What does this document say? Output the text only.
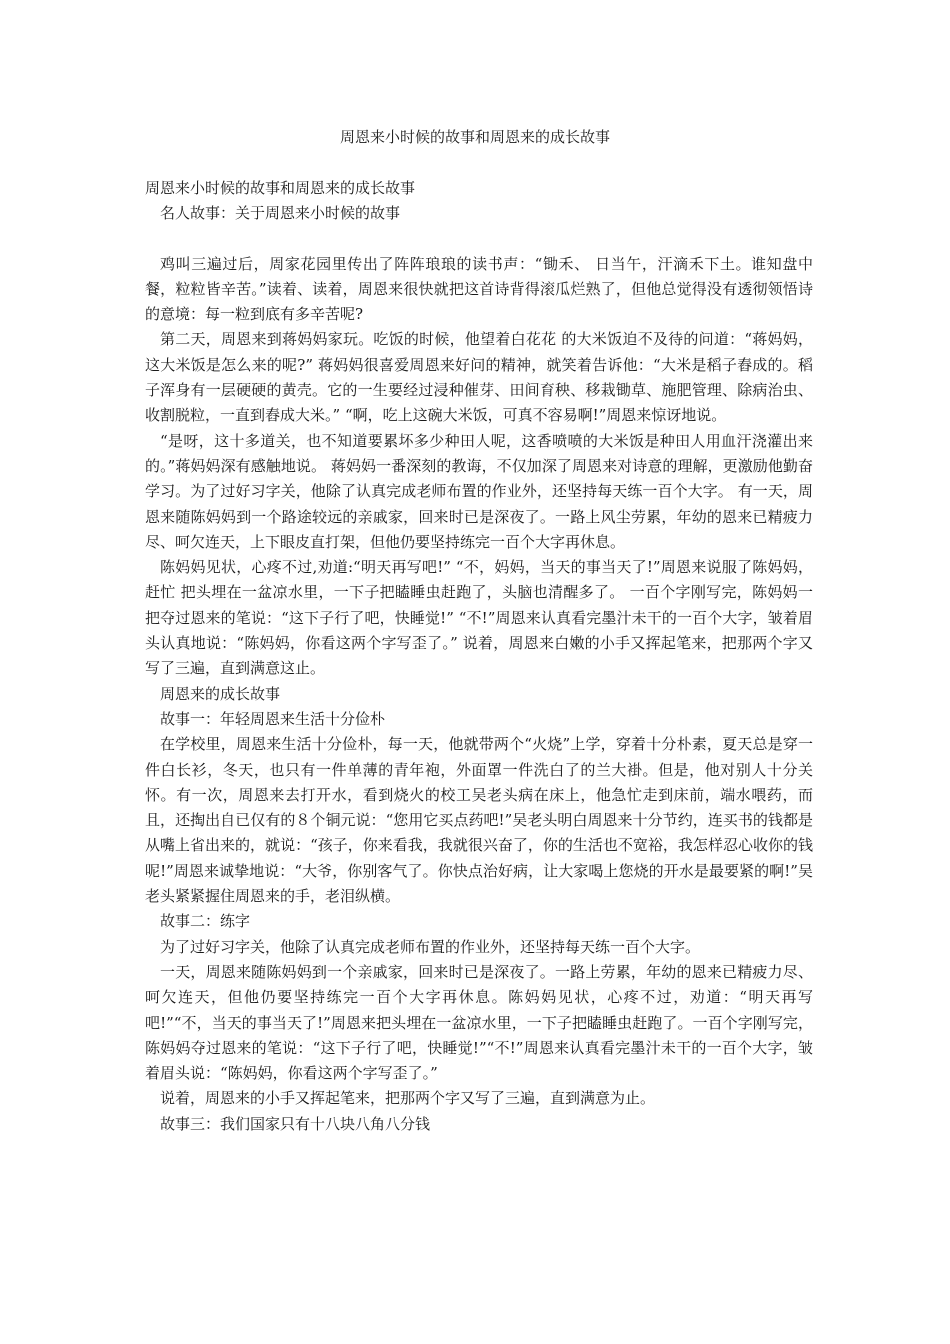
周恩来小时候的故事和周恩来的成长故事

周恩来小时候的故事和周恩来的成长故事

名人故事：关于周恩来小时候的故事

鸡叫三遍过后，周家花园里传出了阵阵琅琅的读书声：“锄禾、 日当午，汗滴禾下土。谁知盘中餐，粒粒皆辛苦。”读着、读着，周恩来很快就把这首诗背得滚瓜烂熟了，但他总觉得没有透彻领悟诗的意境：每一粒到底有多辛苦呢?

第二天，周恩来到蒋妈妈家玩。吃饭的时候，他望着白花花 的大米饭迫不及待的问道：“蒋妈妈，这大米饭是怎么来的呢?” 蒋妈妈很喜爱周恩来好问的精神，就笑着告诉他：“大米是稻子舂成的。稻子浑身有一层硬硬的黄壳。它的一生要经过浸种催芽、田间育秧、移栽锄草、施肥管理、除病治虫、收割脱粒，一直到舂成大米。” “啊，吃上这碗大米饭，可真不容易啊!”周恩来惊讶地说。

“是呀，这十多道关，也不知道要累坏多少种田人呢，这香喷喷的大米饭是种田人用血汗浇灌出来的。”蒋妈妈深有感触地说。 蒋妈妈一番深刻的教诲，不仅加深了周恩来对诗意的理解，更激励他勤奋学习。为了过好习字关，他除了认真完成老师布置的作业外，还坚持每天练一百个大字。 有一天，周恩来随陈妈妈到一个路途较远的亲戚家，回来时已是深夜了。一路上风尘劳累，年幼的恩来已精疲力尽、呵欠连天，上下眼皮直打架，但他仍要坚持练完一百个大字再休息。

陈妈妈见状，心疼不过,劝道:“明天再写吧!” “不，妈妈，当天的事当天了!”周恩来说服了陈妈妈，赶忙 把头埋在一盆凉水里，一下子把瞌睡虫赶跑了，头脑也清醒多了。 一百个字刚写完，陈妈妈一把夺过恩来的笔说：“这下子行了吧，快睡觉!” “不!”周恩来认真看完墨汁未干的一百个大字，皱着眉头认真地说：“陈妈妈，你看这两个字写歪了。” 说着，周恩来白嫩的小手又挥起笔来，把那两个字又写了三遍，直到满意这止。

周恩来的成长故事

故事一：年轻周恩来生活十分俭朴

在学校里，周恩来生活十分俭朴，每一天，他就带两个“火烧”上学，穿着十分朴素，夏天总是穿一件白长衫，冬天，也只有一件单薄的青年袍，外面罩一件洗白了的兰大褂。但是，他对别人十分关怀。有一次，周恩来去打开水，看到烧火的校工吴老头病在床上，他急忙走到床前，端水喂药，而且，还掏出自已仅有的８个铜元说：“您用它买点药吧!”吴老头明白周恩来十分节约，连买书的钱都是从嘴上省出来的，就说：“孩子，你来看我，我就很兴奋了，你的生活也不宽裕，我怎样忍心收你的钱呢!”周恩来诚挚地说：“大爷，你别客气了。你快点治好病，让大家喝上您烧的开水是最要紧的啊!”吴老头紧紧握住周恩来的手，老泪纵横。

故事二：练字

为了过好习字关，他除了认真完成老师布置的作业外，还坚持每天练一百个大字。

一天，周恩来随陈妈妈到一个亲戚家，回来时已是深夜了。一路上劳累，年幼的恩来已精疲力尽、呵欠连天，但他仍要坚持练完一百个大字再休息。陈妈妈见状，心疼不过，劝道：“明天再写吧!”“不，当天的事当天了!”周恩来把头埋在一盆凉水里，一下子把瞌睡虫赶跑了。一百个字刚写完，陈妈妈夺过恩来的笔说：“这下子行了吧，快睡觉!”“不!”周恩来认真看完墨汁未干的一百个大字，皱着眉头说：“陈妈妈，你看这两个字写歪了。”

说着，周恩来的小手又挥起笔来，把那两个字又写了三遍，直到满意为止。

故事三：我们国家只有十八块八角八分钱
